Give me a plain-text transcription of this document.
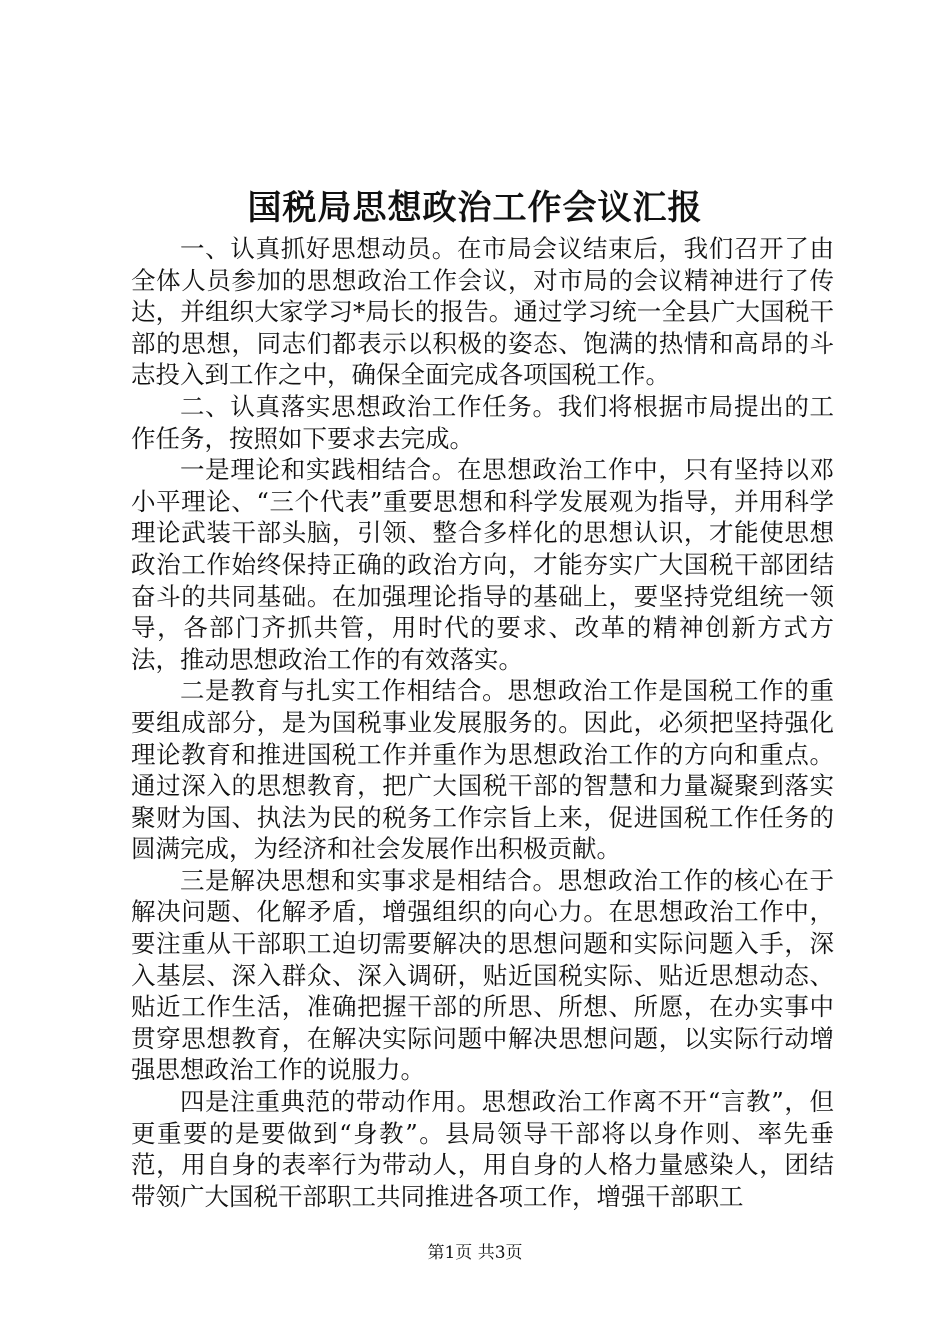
国税局思想政治工作会议汇报

一、认真抓好思想动员。在市局会议结束后，我们召开了由全体人员参加的思想政治工作会议，对市局的会议精神进行了传达，并组织大家学习*局长的报告。通过学习统一全县广大国税干部的思想，同志们都表示以积极的姿态、饱满的热情和高昂的斗志投入到工作之中，确保全面完成各项国税工作。

二、认真落实思想政治工作任务。我们将根据市局提出的工作任务，按照如下要求去完成。

一是理论和实践相结合。在思想政治工作中，只有坚持以邓小平理论、“三个代表”重要思想和科学发展观为指导，并用科学理论武装干部头脑，引领、整合多样化的思想认识，才能使思想政治工作始终保持正确的政治方向，才能夯实广大国税干部团结奋斗的共同基础。在加强理论指导的基础上，要坚持党组统一领导，各部门齐抓共管，用时代的要求、改革的精神创新方式方法，推动思想政治工作的有效落实。

二是教育与扎实工作相结合。思想政治工作是国税工作的重要组成部分，是为国税事业发展服务的。因此，必须把坚持强化理论教育和推进国税工作并重作为思想政治工作的方向和重点。通过深入的思想教育，把广大国税干部的智慧和力量凝聚到落实聚财为国、执法为民的税务工作宗旨上来，促进国税工作任务的圆满完成，为经济和社会发展作出积极贡献。

三是解决思想和实事求是相结合。思想政治工作的核心在于解决问题、化解矛盾，增强组织的向心力。在思想政治工作中，要注重从干部职工迫切需要解决的思想问题和实际问题入手，深入基层、深入群众、深入调研，贴近国税实际、贴近思想动态、贴近工作生活，准确把握干部的所思、所想、所愿，在办实事中贯穿思想教育，在解决实际问题中解决思想问题，以实际行动增强思想政治工作的说服力。

四是注重典范的带动作用。思想政治工作离不开“言教”，但更重要的是要做到“身教”。县局领导干部将以身作则、率先垂范，用自身的表率行为带动人，用自身的人格力量感染人，团结带领广大国税干部职工共同推进各项工作，增强干部职工

第1页 共3页
